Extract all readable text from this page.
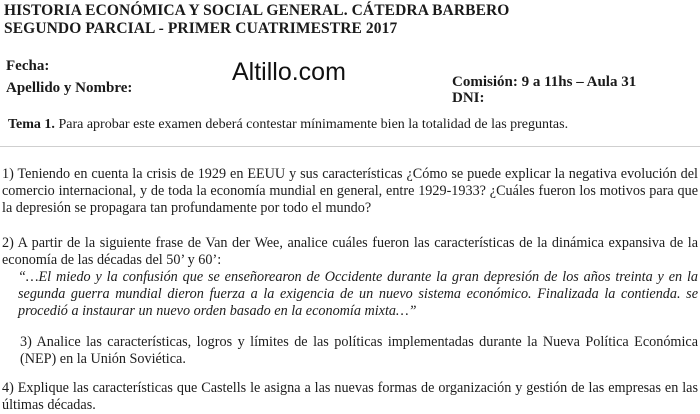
HISTORIA ECONÓMICA Y SOCIAL GENERAL. CÁTEDRA BARBERO
SEGUNDO PARCIAL - PRIMER CUATRIMESTRE 2017
Fecha:
Apellido y Nombre:
Altillo.com	Comisión: 9 a 11hs – Aula 31
DNI:
Tema 1. Para aprobar este examen deberá contestar mínimamente bien la totalidad de las preguntas.
1) Teniendo en cuenta la crisis de 1929 en EEUU y sus características ¿Cómo se puede explicar la negativa evolución del comercio internacional, y de toda la economía mundial en general, entre 1929-1933? ¿Cuáles fueron los motivos para que la depresión se propagara tan profundamente por todo el mundo?
2) A partir de la siguiente frase de Van der Wee, analice cuáles fueron las características de la dinámica expansiva de la economía de las décadas del 50’ y 60’:
“…El miedo y la confusión que se enseñorearon de Occidente durante la gran depresión de los años treinta y en la segunda guerra mundial dieron fuerza a la exigencia de un nuevo sistema económico. Finalizada la contienda. se procedió a instaurar un nuevo orden basado en la economía mixta…”
3) Analice las características, logros y límites de las políticas implementadas durante la Nueva Política Económica (NEP) en la Unión Soviética.
4) Explique las características que Castells le asigna a las nuevas formas de organización y gestión de las empresas en las últimas décadas.
